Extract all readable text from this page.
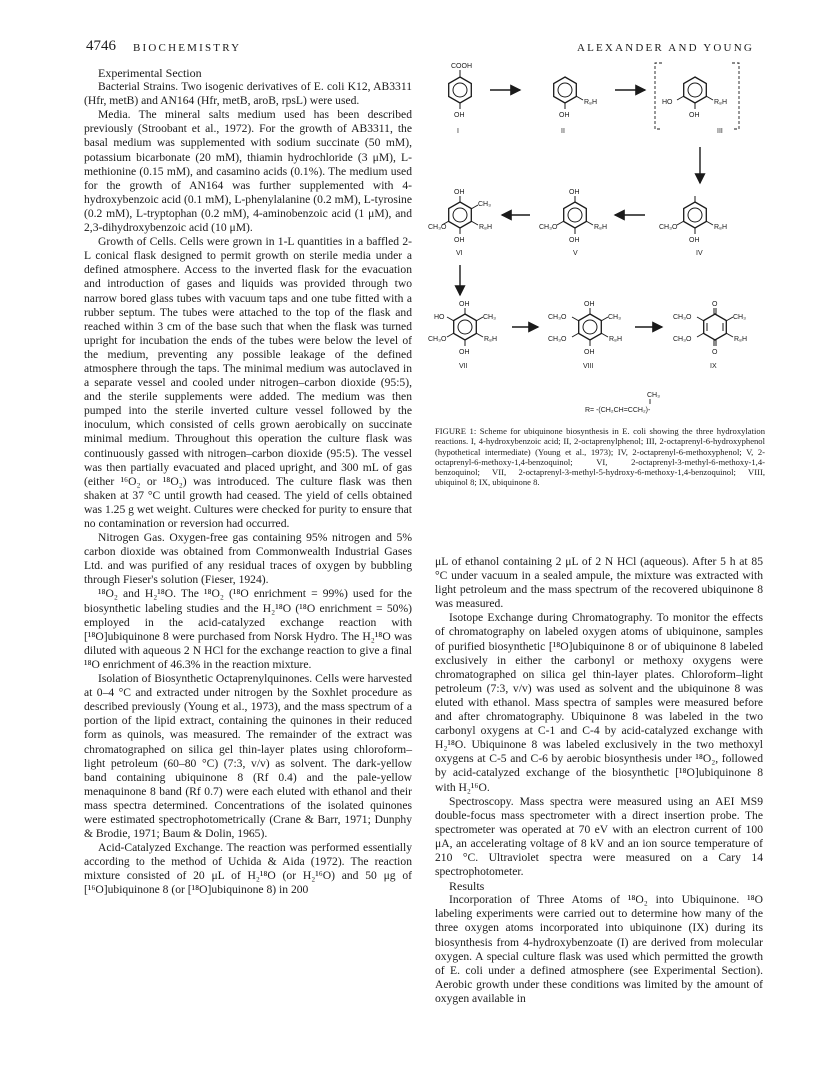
4746 BIOCHEMISTRY	ALEXANDER AND YOUNG

Experimental Section

Bacterial Strains. Two isogenic derivatives of E. coli K12, AB3311 (Hfr, metB) and AN164 (Hfr, metB, aroB, rpsL) were used.

Media. The mineral salts medium used has been described previously (Stroobant et al., 1972). For the growth of AB3311, the basal medium was supplemented with sodium succinate (50 mM), potassium bicarbonate (20 mM), thiamin hydrochloride (3 μM), L-methionine (0.15 mM), and casamino acids (0.1%). The medium used for the growth of AN164 was further supplemented with 4-hydroxybenzoic acid (0.1 mM), L-phenylalanine (0.2 mM), L-tyrosine (0.2 mM), L-tryptophan (0.2 mM), 4-aminobenzoic acid (1 μM), and 2,3-dihydroxybenzoic acid (10 μM).

Growth of Cells. Cells were grown in 1-L quantities in a baffled 2-L conical flask designed to permit growth on sterile media under a defined atmosphere. Access to the inverted flask for the evacuation and introduction of gases and liquids was provided through two narrow bored glass tubes with vacuum taps and one tube fitted with a rubber septum. The tubes were attached to the top of the flask and reached within 3 cm of the base such that when the flask was turned upright for incubation the ends of the tubes were below the level of the medium, preventing any possible leakage of the defined atmosphere through the taps. The minimal medium was autoclaved in a separate vessel and cooled under nitrogen–carbon dioxide (95:5), and the sterile supplements were added. The medium was then pumped into the sterile inverted culture vessel followed by the inoculum, which consisted of cells grown aerobically on succinate minimal medium. Throughout this operation the culture flask was continuously gassed with nitrogen–carbon dioxide (95:5). The vessel was then partially evacuated and placed upright, and 300 mL of gas (either ¹⁶O₂ or ¹⁸O₂) was introduced. The culture flask was then shaken at 37 °C until growth had ceased. The yield of cells obtained was 1.25 g wet weight. Cultures were checked for purity to ensure that no contamination or reversion had occurred.

Nitrogen Gas. Oxygen-free gas containing 95% nitrogen and 5% carbon dioxide was obtained from Commonwealth Industrial Gases Ltd. and was purified of any residual traces of oxygen by bubbling through Fieser's solution (Fieser, 1924).

¹⁸O₂ and H₂¹⁸O. The ¹⁸O₂ (¹⁸O enrichment = 99%) used for the biosynthetic labeling studies and the H₂¹⁸O (¹⁸O enrichment = 50%) employed in the acid-catalyzed exchange reaction with [¹⁸O]ubiquinone 8 were purchased from Norsk Hydro. The H₂¹⁸O was diluted with aqueous 2 N HCl for the exchange reaction to give a final ¹⁸O enrichment of 46.3% in the reaction mixture.

Isolation of Biosynthetic Octaprenylquinones. Cells were harvested at 0–4 °C and extracted under nitrogen by the Soxhlet procedure as described previously (Young et al., 1973), and the mass spectrum of a portion of the lipid extract, containing the quinones in their reduced form as quinols, was measured. The remainder of the extract was chromatographed on silica gel thin-layer plates using chloroform–light petroleum (60–80 °C) (7:3, v/v) as solvent. The dark-yellow band containing ubiquinone 8 (Rf 0.4) and the pale-yellow menaquinone 8 band (Rf 0.7) were each eluted with ethanol and their mass spectra determined. Concentrations of the isolated quinones were estimated spectrophotometrically (Crane & Barr, 1971; Dunphy & Brodie, 1971; Baum & Dolin, 1965).

Acid-Catalyzed Exchange. The reaction was performed essentially according to the method of Uchida & Aida (1972). The reaction mixture consisted of 20 μL of H₂¹⁸O (or H₂¹⁶O) and 50 μg of [¹⁶O]ubiquinone 8 (or [¹⁸O]ubiquinone 8) in 200

COOH
OH
I
R₈H
OH
II
HO	R₈H
OH
III
CH₃O	R₈H
OH
IV
OH
CH₃O	R₈H
OH
V
OH
CH₃
CH₃O	R₈H
OH
VI
OH
HO	CH₃
CH₃O	R₈H
OH
VII
OH
CH₃O	CH₃
CH₃O	R₈H
OH
VIII
O
CH₃O	CH₃
CH₃O	R₈H
O
IX
CH₃
R= -(CH₂CH=CCH₂)-
FIGURE 1: Scheme for ubiquinone biosynthesis in E. coli showing the three hydroxylation reactions. I, 4-hydroxybenzoic acid; II, 2-octaprenylphenol; III, 2-octaprenyl-6-hydroxyphenol (hypothetical intermediate) (Young et al., 1973); IV, 2-octaprenyl-6-methoxyphenol; V, 2-octaprenyl-6-methoxy-1,4-benzoquinol; VI, 2-octaprenyl-3-methyl-6-methoxy-1,4-benzoquinol; VII, 2-octaprenyl-3-methyl-5-hydroxy-6-methoxy-1,4-benzoquinol; VIII, ubiquinol 8; IX, ubiquinone 8.

μL of ethanol containing 2 μL of 2 N HCl (aqueous). After 5 h at 85 °C under vacuum in a sealed ampule, the mixture was extracted with light petroleum and the mass spectrum of the recovered ubiquinone 8 was measured.

Isotope Exchange during Chromatography. To monitor the effects of chromatography on labeled oxygen atoms of ubiquinone, samples of purified biosynthetic [¹⁸O]ubiquinone 8 or of ubiquinone 8 labeled exclusively in either the carbonyl or methoxy oxygens were chromatographed on silica gel thin-layer plates. Chloroform–light petroleum (7:3, v/v) was used as solvent and the ubiquinone 8 was eluted with ethanol. Mass spectra of samples were measured before and after chromatography. Ubiquinone 8 was labeled in the two carbonyl oxygens at C-1 and C-4 by acid-catalyzed exchange with H₂¹⁸O. Ubiquinone 8 was labeled exclusively in the two methoxyl oxygens at C-5 and C-6 by aerobic biosynthesis under ¹⁸O₂, followed by acid-catalyzed exchange of the biosynthetic [¹⁸O]ubiquinone 8 with H₂¹⁶O.

Spectroscopy. Mass spectra were measured using an AEI MS9 double-focus mass spectrometer with a direct insertion probe. The spectrometer was operated at 70 eV with an electron current of 100 μA, an accelerating voltage of 8 kV and an ion source temperature of 210 °C. Ultraviolet spectra were measured on a Cary 14 spectrophotometer.

Results

Incorporation of Three Atoms of ¹⁸O₂ into Ubiquinone. ¹⁸O labeling experiments were carried out to determine how many of the three oxygen atoms incorporated into ubiquinone (IX) during its biosynthesis from 4-hydroxybenzoate (I) are derived from molecular oxygen. A special culture flask was used which permitted the growth of E. coli under a defined atmosphere (see Experimental Section). Aerobic growth under these conditions was limited by the amount of oxygen available in
